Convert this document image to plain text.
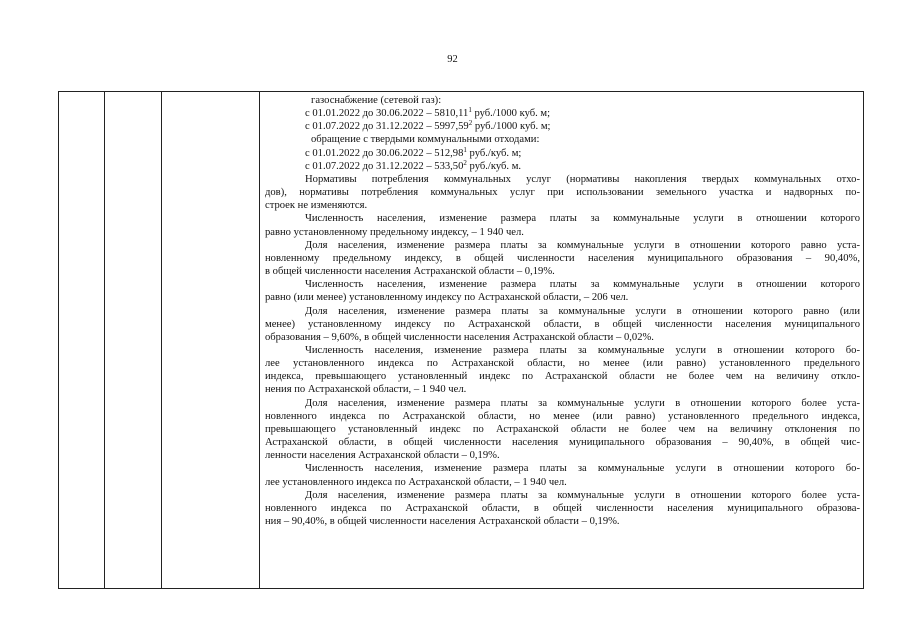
92
газоснабжение (сетевой газ):
с 01.01.2022 до 30.06.2022 – 5810,11$^1$ руб./1000 куб. м;
с 01.07.2022 до 31.12.2022 – 5997,59$^2$ руб./1000 куб. м;
обращение с твердыми коммунальными отходами:
с 01.01.2022 до 30.06.2022 – 512,98$^1$ руб./куб. м;
с 01.07.2022 до 31.12.2022 – 533,50$^2$ руб./куб. м.
Нормативы потребления коммунальных услуг (нормативы накопления твердых коммунальных отхо-
дов), нормативы потребления коммунальных услуг при использовании земельного участка и надворных по-
строек не изменяются.
Численность населения, изменение размера платы за коммунальные услуги в отношении которого
равно установленному предельному индексу, – 1 940 чел.
Доля населения, изменение размера платы за коммунальные услуги в отношении которого равно уста-
новленному предельному индексу, в общей численности населения муниципального образования – 90,40%,
в общей численности населения Астраханской области – 0,19%.
Численность населения, изменение размера платы за коммунальные услуги в отношении которого
равно (или менее) установленному индексу по Астраханской области, – 206 чел.
Доля населения, изменение размера платы за коммунальные услуги в отношении которого равно (или
менее) установленному индексу по Астраханской области, в общей численности населения муниципального
образования – 9,60%, в общей численности населения Астраханской области – 0,02%.
Численность населения, изменение размера платы за коммунальные услуги в отношении которого бо-
лее установленного индекса по Астраханской области, но менее (или равно) установленного предельного
индекса, превышающего установленный индекс по Астраханской области не более чем на величину откло-
нения по Астраханской области, – 1 940 чел.
Доля населения, изменение размера платы за коммунальные услуги в отношении которого более уста-
новленного индекса по Астраханской области, но менее (или равно) установленного предельного индекса,
превышающего установленный индекс по Астраханской области не более чем на величину отклонения по
Астраханской области, в общей численности населения муниципального образования – 90,40%, в общей чис-
ленности населения Астраханской области – 0,19%.
Численность населения, изменение размера платы за коммунальные услуги в отношении которого бо-
лее установленного индекса по Астраханской области, – 1 940 чел.
Доля населения, изменение размера платы за коммунальные услуги в отношении которого более уста-
новленного индекса по Астраханской области, в общей численности населения муниципального образова-
ния – 90,40%, в общей численности населения Астраханской области – 0,19%.
